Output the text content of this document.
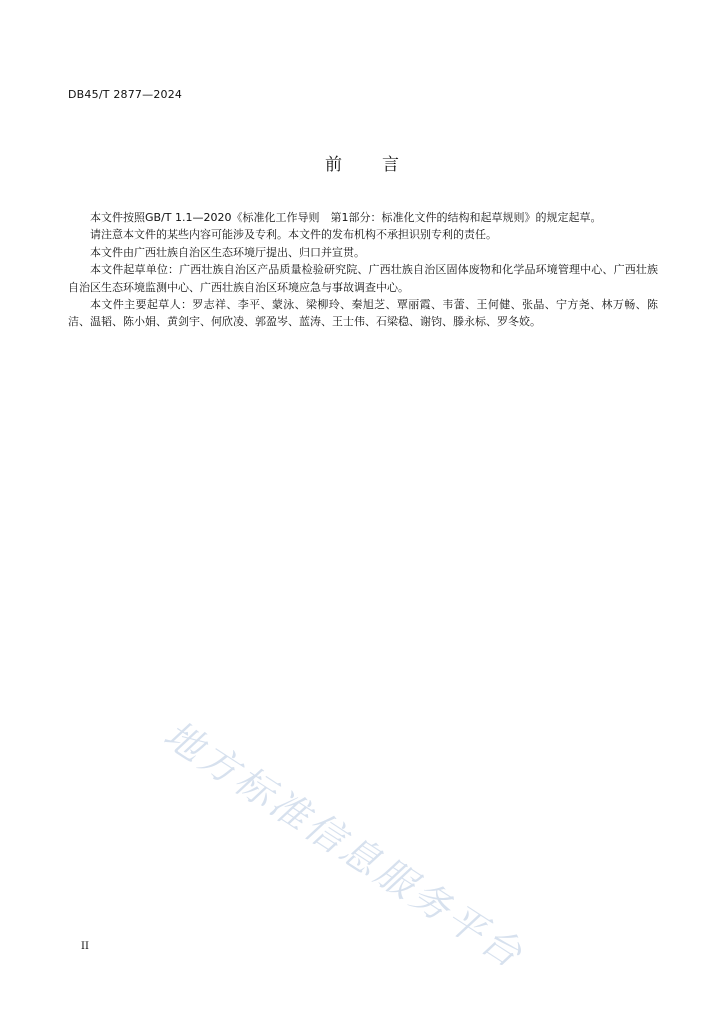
DB45/T 2877—2024
前言

本文件按照GB/T 1.1—2020《标准化工作导则　第1部分：标准化文件的结构和起草规则》的规定起草。

请注意本文件的某些内容可能涉及专利。本文件的发布机构不承担识别专利的责任。

本文件由广西壮族自治区生态环境厅提出、归口并宣贯。

本文件起草单位：广西壮族自治区产品质量检验研究院、广西壮族自治区固体废物和化学品环境管理中心、广西壮族自治区生态环境监测中心、广西壮族自治区环境应急与事故调查中心。

本文件主要起草人：罗志祥、李平、蒙泳、梁柳玲、秦旭芝、覃丽霞、韦蕾、王何健、张晶、宁方尧、林万畅、陈洁、温韬、陈小娟、黄剑宇、何欣凌、郭盈岑、蓝涛、王士伟、石梁稳、谢钧、滕永标、罗冬姣。

地方标准信息服务平台
II
